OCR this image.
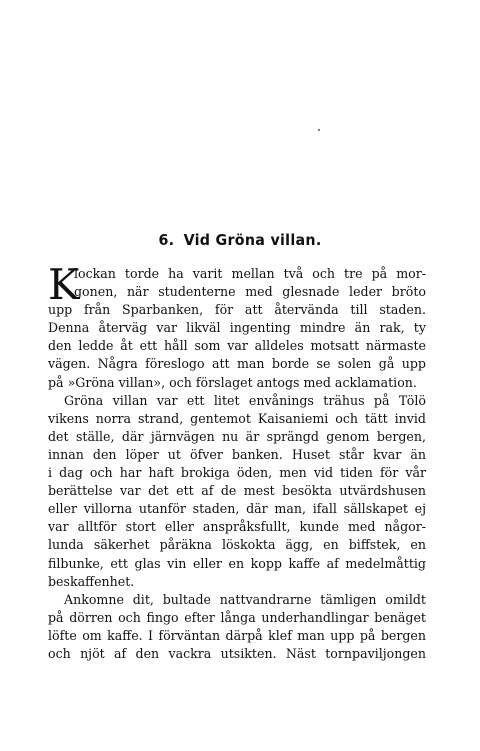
6. Vid Gröna villan.
K
lockan torde ha varit mellan två och tre på mor-
gonen, när studenterne med glesnade leder bröto
upp från Sparbanken, för att återvända till staden.
Denna återväg var likväl ingenting mindre än rak, ty
den ledde åt ett håll som var alldeles motsatt närmaste
vägen. Några föreslogo att man borde se solen gå upp
på »Gröna villan», och förslaget antogs med acklamation.
Gröna villan var ett litet envånings trähus på Tölö
vikens norra strand, gentemot Kaisaniemi och tätt invid
det ställe, där järnvägen nu är sprängd genom bergen,
innan den löper ut öfver banken. Huset står kvar än
i dag och har haft brokiga öden, men vid tiden för vår
berättelse var det ett af de mest besökta utvärdshusen
eller villorna utanför staden, där man, ifall sällskapet ej
var alltför stort eller anspråksfullt, kunde med någor-
lunda säkerhet påräkna löskokta ägg, en biffstek, en
filbunke, ett glas vin eller en kopp kaffe af medelmåttig
beskaffenhet.
Ankomne dit, bultade nattvandrarne tämligen omildt
på dörren och fingo efter långa underhandlingar benäget
löfte om kaffe. I förväntan därpå klef man upp på bergen
och njöt af den vackra utsikten. Näst tornpaviljongen
